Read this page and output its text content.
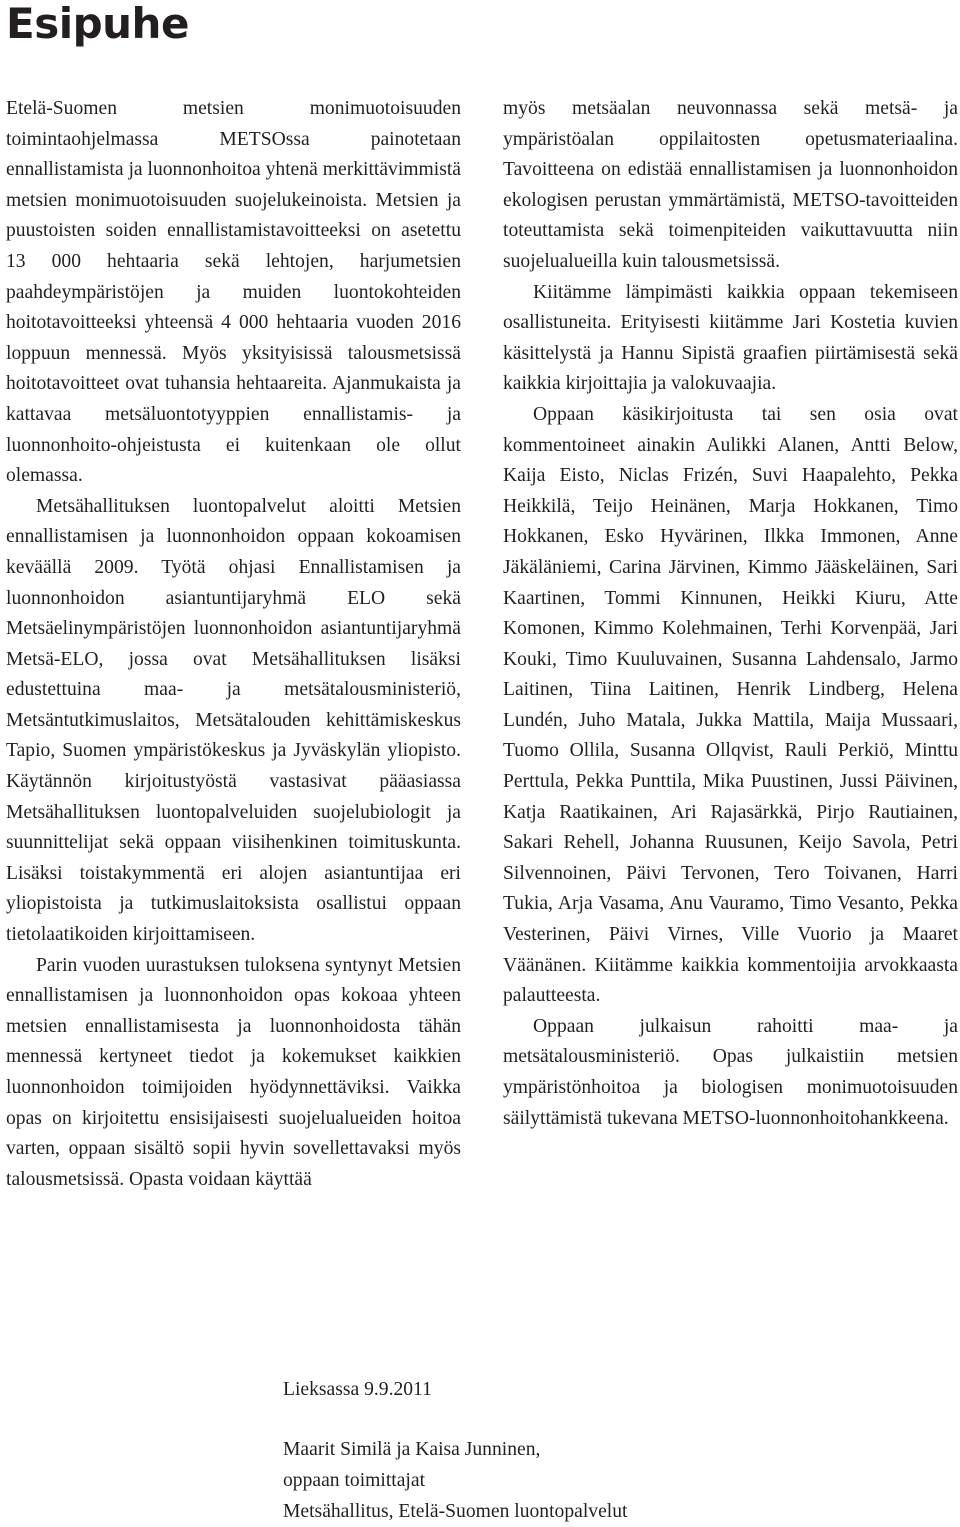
Esipuhe

Etelä-Suomen metsien monimuotoisuuden toimintaohjelmassa METSOssa painotetaan ennallistamista ja luonnonhoitoa yhtenä merkittävimmistä metsien monimuotoisuuden suojelukeinoista. Metsien ja puustoisten soiden ennallistamistavoitteeksi on asetettu 13 000 hehtaaria sekä lehtojen, harjumetsien paahdeympäristöjen ja muiden luontokohteiden hoitotavoitteeksi yhteensä 4 000 hehtaaria vuoden 2016 loppuun mennessä. Myös yksityisissä talousmetsissä hoitotavoitteet ovat tuhansia hehtaareita. Ajanmukaista ja kattavaa metsäluontotyyppien ennallistamis- ja luonnonhoito-ohjeistusta ei kuitenkaan ole ollut olemassa.

Metsähallituksen luontopalvelut aloitti Metsien ennallistamisen ja luonnonhoidon oppaan kokoamisen keväällä 2009. Työtä ohjasi Ennallistamisen ja luonnonhoidon asiantuntijaryhmä ELO sekä Metsäelinympäristöjen luonnonhoidon asiantuntijaryhmä Metsä-ELO, jossa ovat Metsähallituksen lisäksi edustettuina maa- ja metsätalousministeriö, Metsäntutkimuslaitos, Metsätalouden kehittämiskeskus Tapio, Suomen ympäristökeskus ja Jyväskylän yliopisto. Käytännön kirjoitustyöstä vastasivat pääasiassa Metsähallituksen luontopalveluiden suojelubiologit ja suunnittelijat sekä oppaan viisihenkinen toimituskunta. Lisäksi toistakymmentä eri alojen asiantuntijaa eri yliopistoista ja tutkimuslaitoksista osallistui oppaan tietolaatikoiden kirjoittamiseen.

Parin vuoden uurastuksen tuloksena syntynyt Metsien ennallistamisen ja luonnonhoidon opas kokoaa yhteen metsien ennallistamisesta ja luonnonhoidosta tähän mennessä kertyneet tiedot ja kokemukset kaikkien luonnonhoidon toimijoiden hyödynnettäviksi. Vaikka opas on kirjoitettu ensisijaisesti suojelualueiden hoitoa varten, oppaan sisältö sopii hyvin sovellettavaksi myös talousmetsissä. Opasta voidaan käyttää

myös metsäalan neuvonnassa sekä metsä- ja ympäristöalan oppilaitosten opetusmateriaalina. Tavoitteena on edistää ennallistamisen ja luonnonhoidon ekologisen perustan ymmärtämistä, METSO-tavoitteiden toteuttamista sekä toimenpiteiden vaikuttavuutta niin suojelualueilla kuin talousmetsissä.

Kiitämme lämpimästi kaikkia oppaan tekemiseen osallistuneita. Erityisesti kiitämme Jari Kostetia kuvien käsittelystä ja Hannu Sipistä graafien piirtämisestä sekä kaikkia kirjoittajia ja valokuvaajia.

Oppaan käsikirjoitusta tai sen osia ovat kommentoineet ainakin Aulikki Alanen, Antti Below, Kaija Eisto, Niclas Frizén, Suvi Haapalehto, Pekka Heikkilä, Teijo Heinänen, Marja Hokkanen, Timo Hokkanen, Esko Hyvärinen, Ilkka Immonen, Anne Jäkäläniemi, Carina Järvinen, Kimmo Jääskeläinen, Sari Kaartinen, Tommi Kinnunen, Heikki Kiuru, Atte Komonen, Kimmo Kolehmainen, Terhi Korvenpää, Jari Kouki, Timo Kuuluvainen, Susanna Lahdensalo, Jarmo Laitinen, Tiina Laitinen, Henrik Lindberg, Helena Lundén, Juho Matala, Jukka Mattila, Maija Mussaari, Tuomo Ollila, Susanna Ollqvist, Rauli Perkiö, Minttu Perttula, Pekka Punttila, Mika Puustinen, Jussi Päivinen, Katja Raatikainen, Ari Rajasärkkä, Pirjo Rautiainen, Sakari Rehell, Johanna Ruusunen, Keijo Savola, Petri Silvennoinen, Päivi Tervonen, Tero Toivanen, Harri Tukia, Arja Vasama, Anu Vauramo, Timo Vesanto, Pekka Vesterinen, Päivi Virnes, Ville Vuorio ja Maaret Väänänen. Kiitämme kaikkia kommentoijia arvokkaasta palautteesta.

Oppaan julkaisun rahoitti maa- ja metsätalousministeriö. Opas julkaistiin metsien ympäristönhoitoa ja biologisen monimuotoisuuden säilyttämistä tukevana METSO-luonnonhoitohankkeena.

Lieksassa 9.9.2011
Maarit Similä ja Kaisa Junninen,
oppaan toimittajat
Metsähallitus, Etelä-Suomen luontopalvelut
